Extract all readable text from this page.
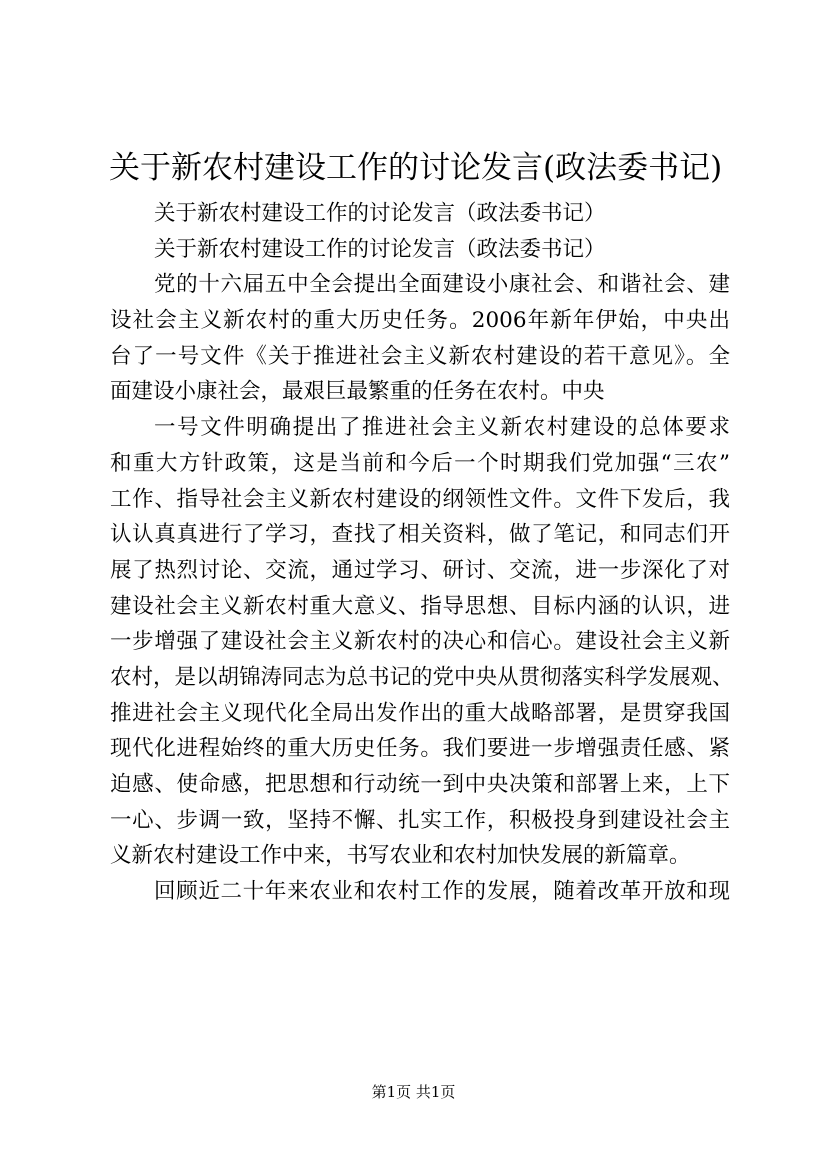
关于新农村建设工作的讨论发言(政法委书记)
关于新农村建设工作的讨论发言（政法委书记）
关于新农村建设工作的讨论发言（政法委书记）
党的十六届五中全会提出全面建设小康社会、和谐社会、建
设社会主义新农村的重大历史任务。2006年新年伊始，中央出
台了一号文件《关于推进社会主义新农村建设的若干意见》。全
面建设小康社会，最艰巨最繁重的任务在农村。中央
一号文件明确提出了推进社会主义新农村建设的总体要求
和重大方针政策，这是当前和今后一个时期我们党加强“三农”
工作、指导社会主义新农村建设的纲领性文件。文件下发后，我
认认真真进行了学习，查找了相关资料，做了笔记，和同志们开
展了热烈讨论、交流，通过学习、研讨、交流，进一步深化了对
建设社会主义新农村重大意义、指导思想、目标内涵的认识，进
一步增强了建设社会主义新农村的决心和信心。建设社会主义新
农村，是以胡锦涛同志为总书记的党中央从贯彻落实科学发展观、
推进社会主义现代化全局出发作出的重大战略部署，是贯穿我国
现代化进程始终的重大历史任务。我们要进一步增强责任感、紧
迫感、使命感，把思想和行动统一到中央决策和部署上来，上下
一心、步调一致，坚持不懈、扎实工作，积极投身到建设社会主
义新农村建设工作中来，书写农业和农村加快发展的新篇章。
回顾近二十年来农业和农村工作的发展，随着改革开放和现
第1页 共1页
